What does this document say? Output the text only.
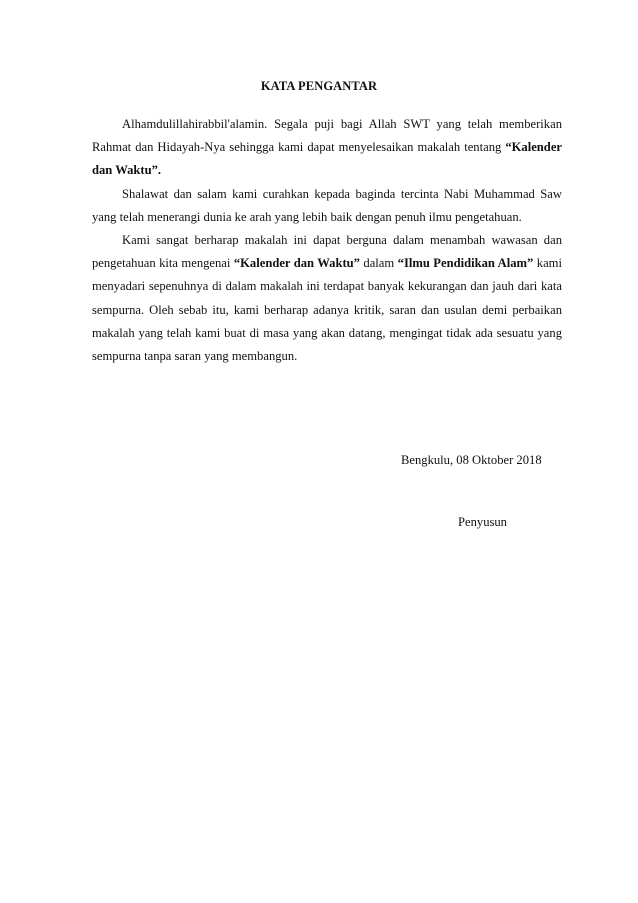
KATA PENGANTAR

Alhamdulillahirabbil'alamin. Segala puji bagi Allah SWT yang telah memberikan Rahmat dan Hidayah-Nya sehingga kami dapat menyelesaikan makalah tentang “Kalender dan Waktu”.

Shalawat dan salam kami curahkan kepada baginda tercinta Nabi Muhammad Saw yang telah menerangi dunia ke arah yang lebih baik dengan penuh ilmu pengetahuan.

Kami sangat berharap makalah ini dapat berguna dalam menambah wawasan dan pengetahuan kita mengenai “Kalender dan Waktu” dalam “Ilmu Pendidikan Alam” kami menyadari sepenuhnya di dalam makalah ini terdapat banyak kekurangan dan jauh dari kata sempurna. Oleh sebab itu, kami berharap adanya kritik, saran dan usulan demi perbaikan makalah yang telah kami buat di masa yang akan datang, mengingat tidak ada sesuatu yang sempurna tanpa saran yang membangun.

Bengkulu, 08 Oktober 2018
Penyusun
